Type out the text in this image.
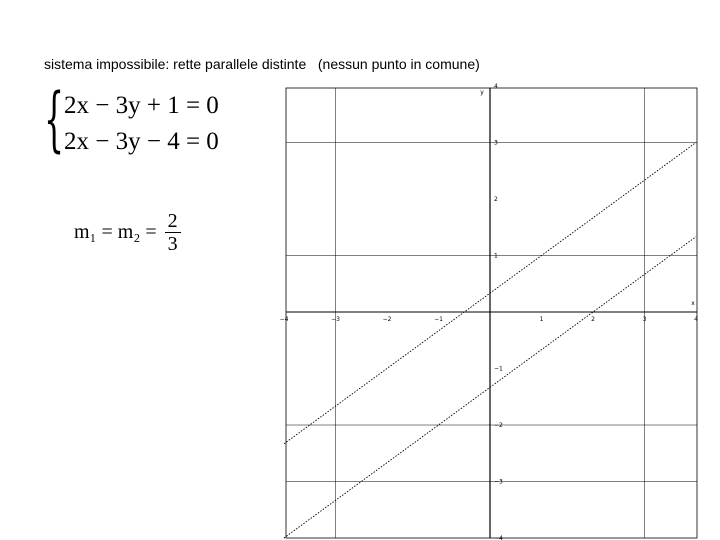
sistema impossibile: rette parallele distinte   (nessun punto in comune)
{ 2x − 3y + 1 = 0
2x − 3y − 4 = 0
$m_1 = m_2 = \frac{2}{3}$
−4	−3	−2	−1	1	2	3	4
4
3
2
1
−1
−2
−3
−4
x
y
